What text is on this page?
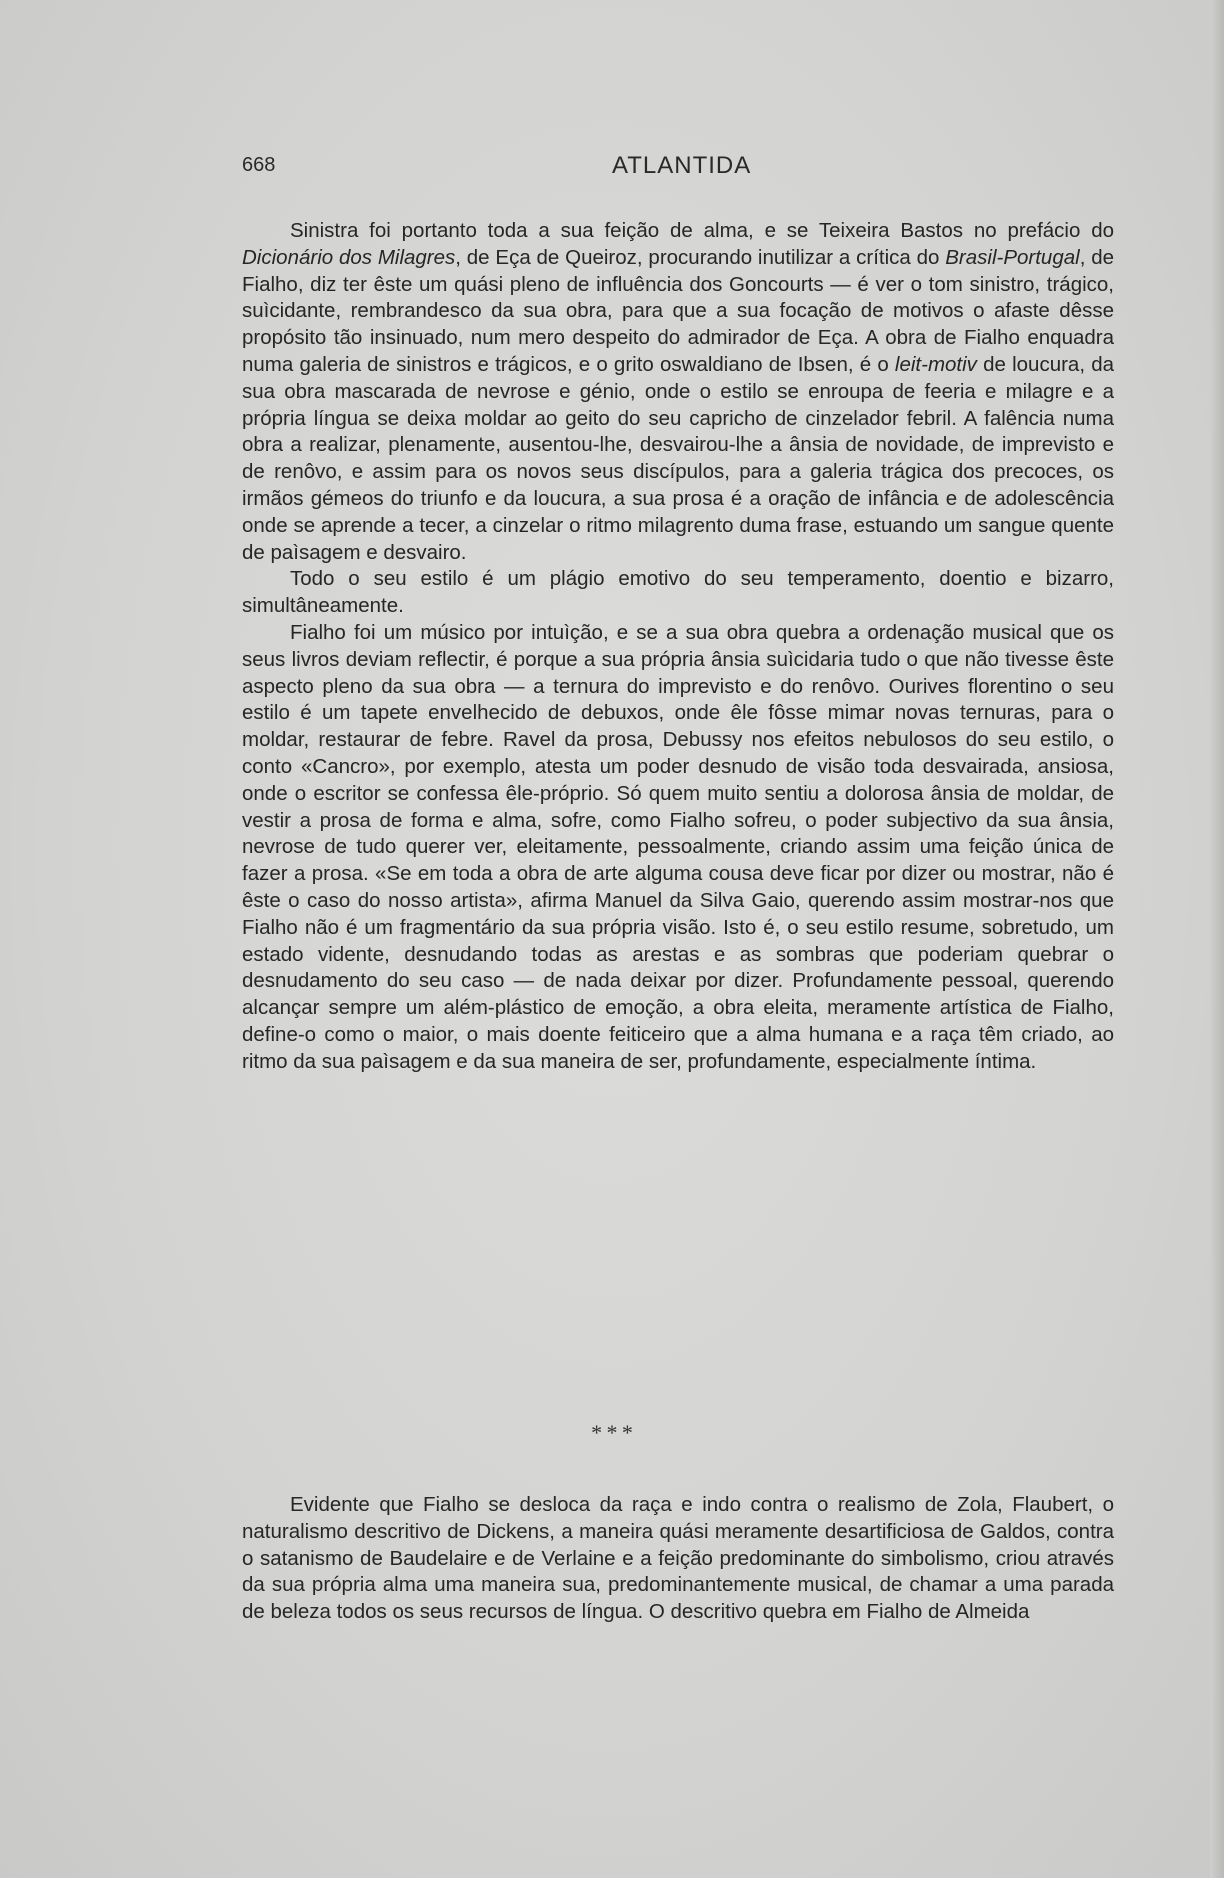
668	ATLANTIDA

Sinistra foi portanto toda a sua feição de alma, e se Teixeira Bastos no prefácio do Dicionário dos Milagres, de Eça de Queiroz, procurando inutilizar a crítica do Brasil-Portugal, de Fialho, diz ter êste um quási pleno de influência dos Goncourts — é ver o tom sinistro, trágico, suìcidante, rembrandesco da sua obra, para que a sua focação de motivos o afaste dêsse propósito tão insinuado, num mero despeito do admirador de Eça. A obra de Fialho enquadra numa galeria de sinistros e trágicos, e o grito oswaldiano de Ibsen, é o leit-motiv de loucura, da sua obra mascarada de nevrose e génio, onde o estilo se enroupa de feeria e milagre e a própria língua se deixa moldar ao geito do seu capricho de cinzelador febril. A falência numa obra a realizar, plenamente, ausentou-lhe, desvairou-lhe a ânsia de novidade, de imprevisto e de renôvo, e assim para os novos seus discípulos, para a galeria trágica dos precoces, os irmãos gémeos do triunfo e da loucura, a sua prosa é a oração de infância e de adolescência onde se aprende a tecer, a cinzelar o ritmo milagrento duma frase, estuando um sangue quente de paìsagem e desvairo.

Todo o seu estilo é um plágio emotivo do seu temperamento, doentio e bizarro, simultâneamente.

Fialho foi um músico por intuìção, e se a sua obra quebra a ordenação musical que os seus livros deviam reflectir, é porque a sua própria ânsia suìcidaria tudo o que não tivesse êste aspecto pleno da sua obra — a ternura do imprevisto e do renôvo. Ourives florentino o seu estilo é um tapete envelhecido de debuxos, onde êle fôsse mimar novas ternuras, para o moldar, restaurar de febre. Ravel da prosa, Debussy nos efeitos nebulosos do seu estilo, o conto «Cancro», por exemplo, atesta um poder desnudo de visão toda desvairada, ansiosa, onde o escritor se confessa êle-próprio. Só quem muito sentiu a dolorosa ânsia de moldar, de vestir a prosa de forma e alma, sofre, como Fialho sofreu, o poder subjectivo da sua ânsia, nevrose de tudo querer ver, eleitamente, pessoalmente, criando assim uma feição única de fazer a prosa. «Se em toda a obra de arte alguma cousa deve ficar por dizer ou mostrar, não é êste o caso do nosso artista», afirma Manuel da Silva Gaio, querendo assim mostrar-nos que Fialho não é um fragmentário da sua própria visão. Isto é, o seu estilo resume, sobretudo, um estado vidente, desnudando todas as arestas e as sombras que poderiam quebrar o desnudamento do seu caso — de nada deixar por dizer. Profundamente pessoal, querendo alcançar sempre um além-plástico de emoção, a obra eleita, meramente artística de Fialho, define-o como o maior, o mais doente feiticeiro que a alma humana e a raça têm criado, ao ritmo da sua paìsagem e da sua maneira de ser, profundamente, especialmente íntima.

* * *

Evidente que Fialho se desloca da raça e indo contra o realismo de Zola, Flaubert, o naturalismo descritivo de Dickens, a maneira quási meramente desartificiosa de Galdos, contra o satanismo de Baudelaire e de Verlaine e a feição predominante do simbolismo, criou através da sua própria alma uma maneira sua, predominantemente musical, de chamar a uma parada de beleza todos os seus recursos de língua. O descritivo quebra em Fialho de Almeida
